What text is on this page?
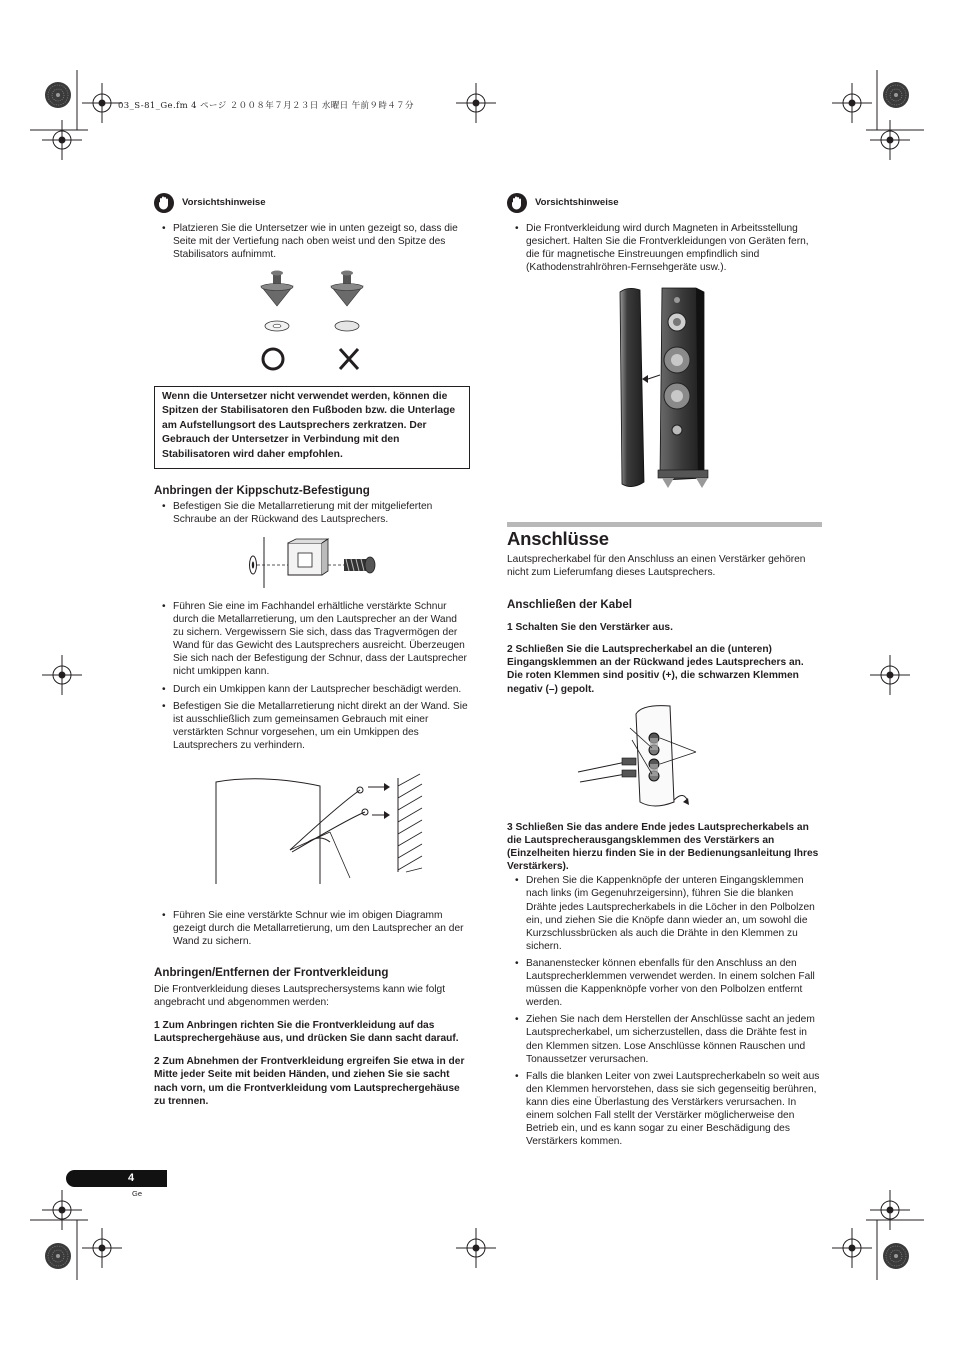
03_S-81_Ge.fm 4 ページ ２００８年７月２３日 水曜日 午前９時４７分
Vorsichtshinweise
• Platzieren Sie die Untersetzer wie in unten gezeigt so, dass die Seite mit der Vertiefung nach oben weist und den Spitze des Stabilisators aufnimmt.
Wenn die Untersetzer nicht verwendet werden, können die Spitzen der Stabilisatoren den Fußboden bzw. die Unterlage am Aufstellungsort des Lautsprechers zerkratzen. Der Gebrauch der Untersetzer in Verbindung mit den Stabilisatoren wird daher empfohlen.
Anbringen der Kippschutz-Befestigung
• Befestigen Sie die Metallarretierung mit der mitgelieferten Schraube an der Rückwand des Lautsprechers.
• Führen Sie eine im Fachhandel erhältliche verstärkte Schnur durch die Metallarretierung, um den Lautsprecher an der Wand zu sichern. Vergewissern Sie sich, dass das Tragvermögen der Wand für das Gewicht des Lautsprechers ausreicht. Überzeugen Sie sich nach der Befestigung der Schnur, dass der Lautsprecher nicht umkippen kann.
• Durch ein Umkippen kann der Lautsprecher beschädigt werden.
• Befestigen Sie die Metallarretierung nicht direkt an der Wand. Sie ist ausschließlich zum gemeinsamen Gebrauch mit einer verstärkten Schnur vorgesehen, um ein Umkippen des Lautsprechers zu verhindern.
• Führen Sie eine verstärkte Schnur wie im obigen Diagramm gezeigt durch die Metallarretierung, um den Lautsprecher an der Wand zu sichern.
Anbringen/Entfernen der Frontverkleidung
Die Frontverkleidung dieses Lautsprechersystems kann wie folgt angebracht und abgenommen werden:
1 Zum Anbringen richten Sie die Frontverkleidung auf das Lautsprechergehäuse aus, und drücken Sie dann sacht darauf.
2 Zum Abnehmen der Frontverkleidung ergreifen Sie etwa in der Mitte jeder Seite mit beiden Händen, und ziehen Sie sie sacht nach vorn, um die Frontverkleidung vom Lautsprechergehäuse zu trennen.
Vorsichtshinweise
• Die Frontverkleidung wird durch Magneten in Arbeitsstellung gesichert. Halten Sie die Frontverkleidungen von Geräten fern, die für magnetische Einstreuungen empfindlich sind (Kathodenstrahlröhren-Fernsehgeräte usw.).
Anschlüsse
Lautsprecherkabel für den Anschluss an einen Verstärker gehören nicht zum Lieferumfang dieses Lautsprechers.
Anschließen der Kabel
1 Schalten Sie den Verstärker aus.
2 Schließen Sie die Lautsprecherkabel an die (unteren) Eingangsklemmen an der Rückwand jedes Lautsprechers an. Die roten Klemmen sind positiv (+), die schwarzen Klemmen negativ (–) gepolt.
3 Schließen Sie das andere Ende jedes Lautsprecherkabels an die Lautsprecherausgangsklemmen des Verstärkers an (Einzelheiten hierzu finden Sie in der Bedienungsanleitung Ihres Verstärkers).
• Drehen Sie die Kappenknöpfe der unteren Eingangsklemmen nach links (im Gegenuhrzeigersinn), führen Sie die blanken Drähte jedes Lautsprecherkabels in die Löcher in den Polbolzen ein, und ziehen Sie die Knöpfe dann wieder an, um sowohl die Kurzschlussbrücken als auch die Drähte in den Klemmen zu sichern.
• Bananenstecker können ebenfalls für den Anschluss an den Lautsprecherklemmen verwendet werden. In einem solchen Fall müssen die Kappenknöpfe vorher von den Polbolzen entfernt werden.
• Ziehen Sie nach dem Herstellen der Anschlüsse sacht an jedem Lautsprecherkabel, um sicherzustellen, dass die Drähte fest in den Klemmen sitzen. Lose Anschlüsse können Rauschen und Tonaussetzer verursachen.
• Falls die blanken Leiter von zwei Lautsprecherkabeln so weit aus den Klemmen hervorstehen, dass sie sich gegenseitig berühren, kann dies eine Überlastung des Verstärkers verursachen. In einem solchen Fall stellt der Verstärker möglicherweise den Betrieb ein, und es kann sogar zu einer Beschädigung des Verstärkers kommen.
4
Ge
